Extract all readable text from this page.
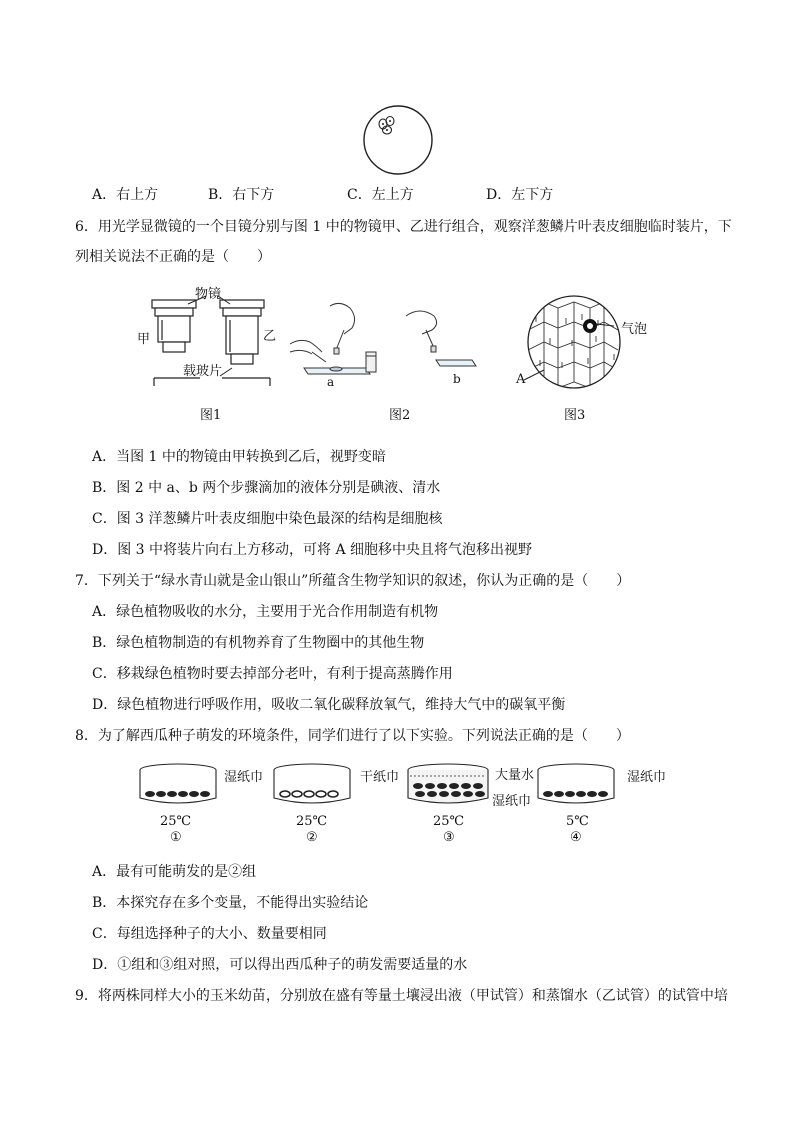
A．右上方	B．右下方	C．左上方	D．左下方
6．用光学显微镜的一个目镜分别与图 1 中的物镜甲、乙进行组合，观察洋葱鳞片叶表皮细胞临时装片，下
列相关说法不正确的是（　　）
物镜
甲	乙
载玻片
图1
a	b
图2
气泡
A
图3
A．当图 1 中的物镜由甲转换到乙后，视野变暗
B．图 2 中 a、b 两个步骤滴加的液体分别是碘液、清水
C．图 3 洋葱鳞片叶表皮细胞中染色最深的结构是细胞核
D．图 3 中将装片向右上方移动，可将 A 细胞移中央且将气泡移出视野
7．下列关于“绿水青山就是金山银山”所蕴含生物学知识的叙述，你认为正确的是（　　）
A．绿色植物吸收的水分，主要用于光合作用制造有机物
B．绿色植物制造的有机物养育了生物圈中的其他生物
C．移栽绿色植物时要去掉部分老叶，有利于提高蒸腾作用
D．绿色植物进行呼吸作用，吸收二氧化碳释放氧气，维持大气中的碳氧平衡
8．为了解西瓜种子萌发的环境条件，同学们进行了以下实验。下列说法正确的是（　　）
湿纸巾	干纸巾	大量水
湿纸巾
湿纸巾
25℃	25℃	25℃	5℃
①	②	③	④
A．最有可能萌发的是②组
B．本探究存在多个变量，不能得出实验结论
C．每组选择种子的大小、数量要相同
D．①组和③组对照，可以得出西瓜种子的萌发需要适量的水
9．将两株同样大小的玉米幼苗，分别放在盛有等量土壤浸出液（甲试管）和蒸馏水（乙试管）的试管中培
